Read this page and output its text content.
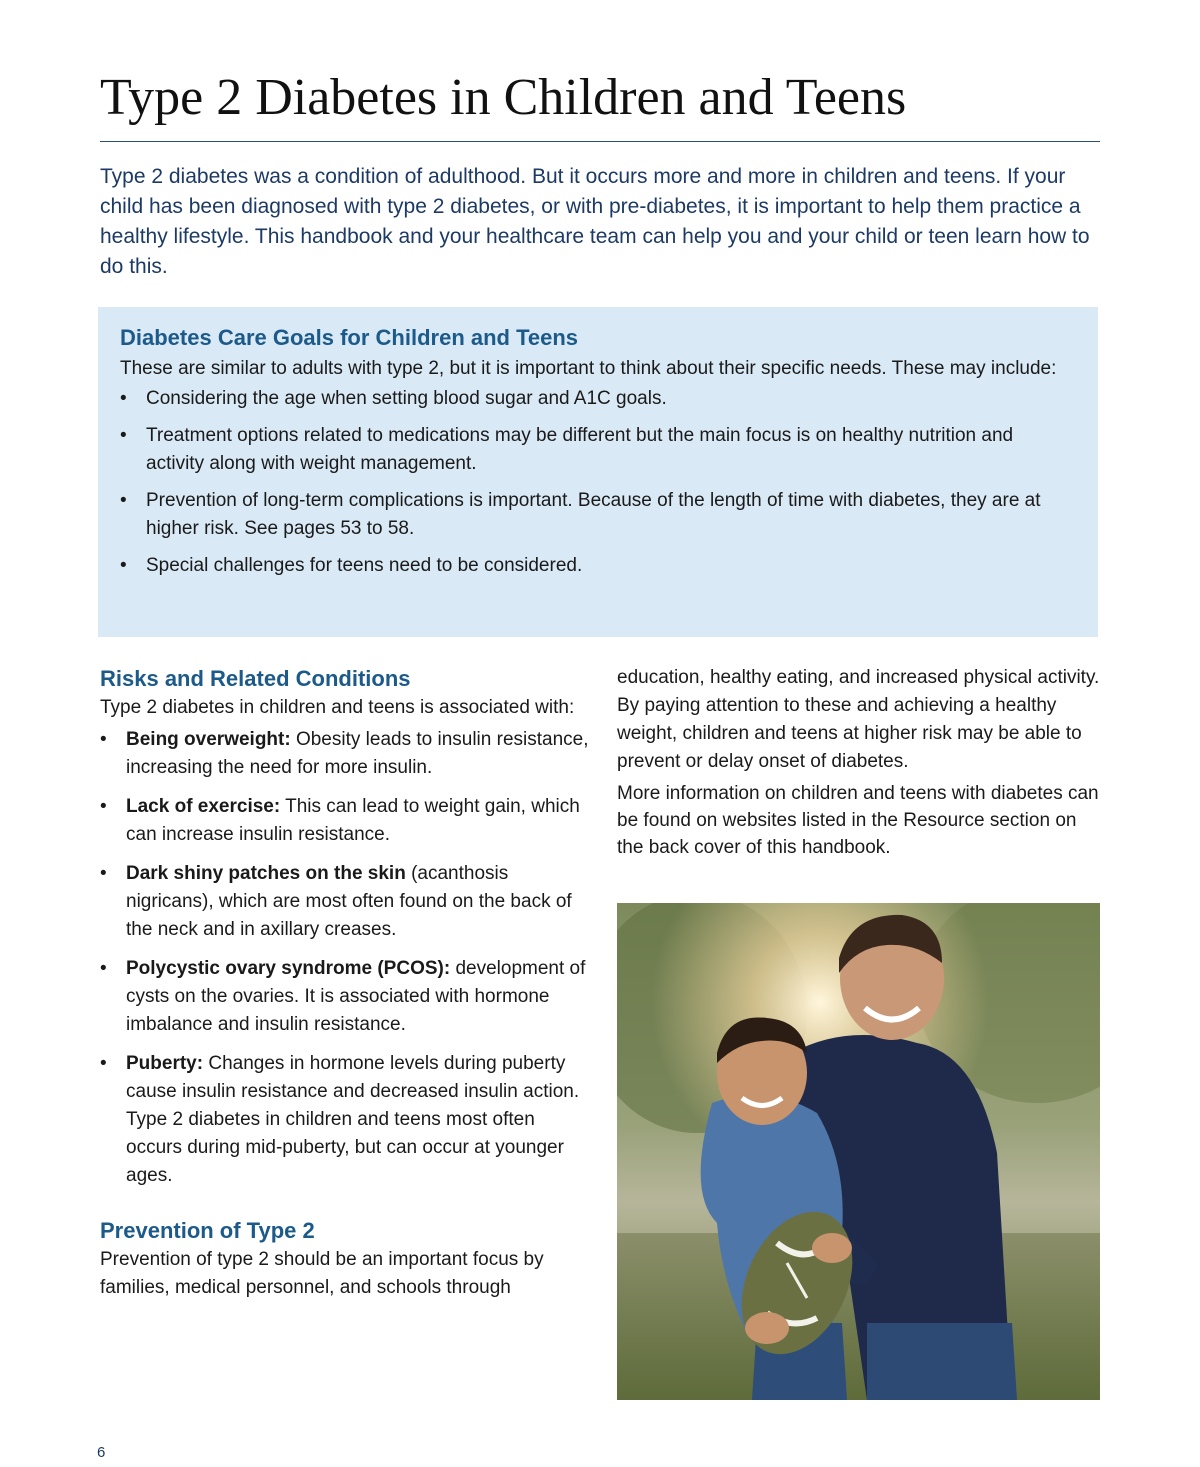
Type 2 Diabetes in Children and Teens

Type 2 diabetes was a condition of adulthood. But it occurs more and more in children and teens. If your child has been diagnosed with type 2 diabetes, or with pre-diabetes, it is important to help them practice a healthy lifestyle. This handbook and your healthcare team can help you and your child or teen learn how to do this.

Diabetes Care Goals for Children and Teens

These are similar to adults with type 2, but it is important to think about their specific needs. These may include:

• Considering the age when setting blood sugar and A1C goals.
• Treatment options related to medications may be different but the main focus is on healthy nutrition and activity along with weight management.
• Prevention of long-term complications is important. Because of the length of time with diabetes, they are at higher risk. See pages 53 to 58.
• Special challenges for teens need to be considered.
Risks and Related Conditions

Type 2 diabetes in children and teens is associated with:

• Being overweight: Obesity leads to insulin resistance, increasing the need for more insulin.
• Lack of exercise: This can lead to weight gain, which can increase insulin resistance.
• Dark shiny patches on the skin (acanthosis nigricans), which are most often found on the back of the neck and in axillary creases.
• Polycystic ovary syndrome (PCOS): development of cysts on the ovaries. It is associated with hormone imbalance and insulin resistance.
• Puberty: Changes in hormone levels during puberty cause insulin resistance and decreased insulin action. Type 2 diabetes in children and teens most often occurs during mid-puberty, but can occur at younger ages.
Prevention of Type 2

Prevention of type 2 should be an important focus by families, medical personnel, and schools through

education, healthy eating, and increased physical activity. By paying attention to these and achieving a healthy weight, children and teens at higher risk may be able to prevent or delay onset of diabetes.

More information on children and teens with diabetes can be found on websites listed in the Resource section on the back cover of this handbook.

6
